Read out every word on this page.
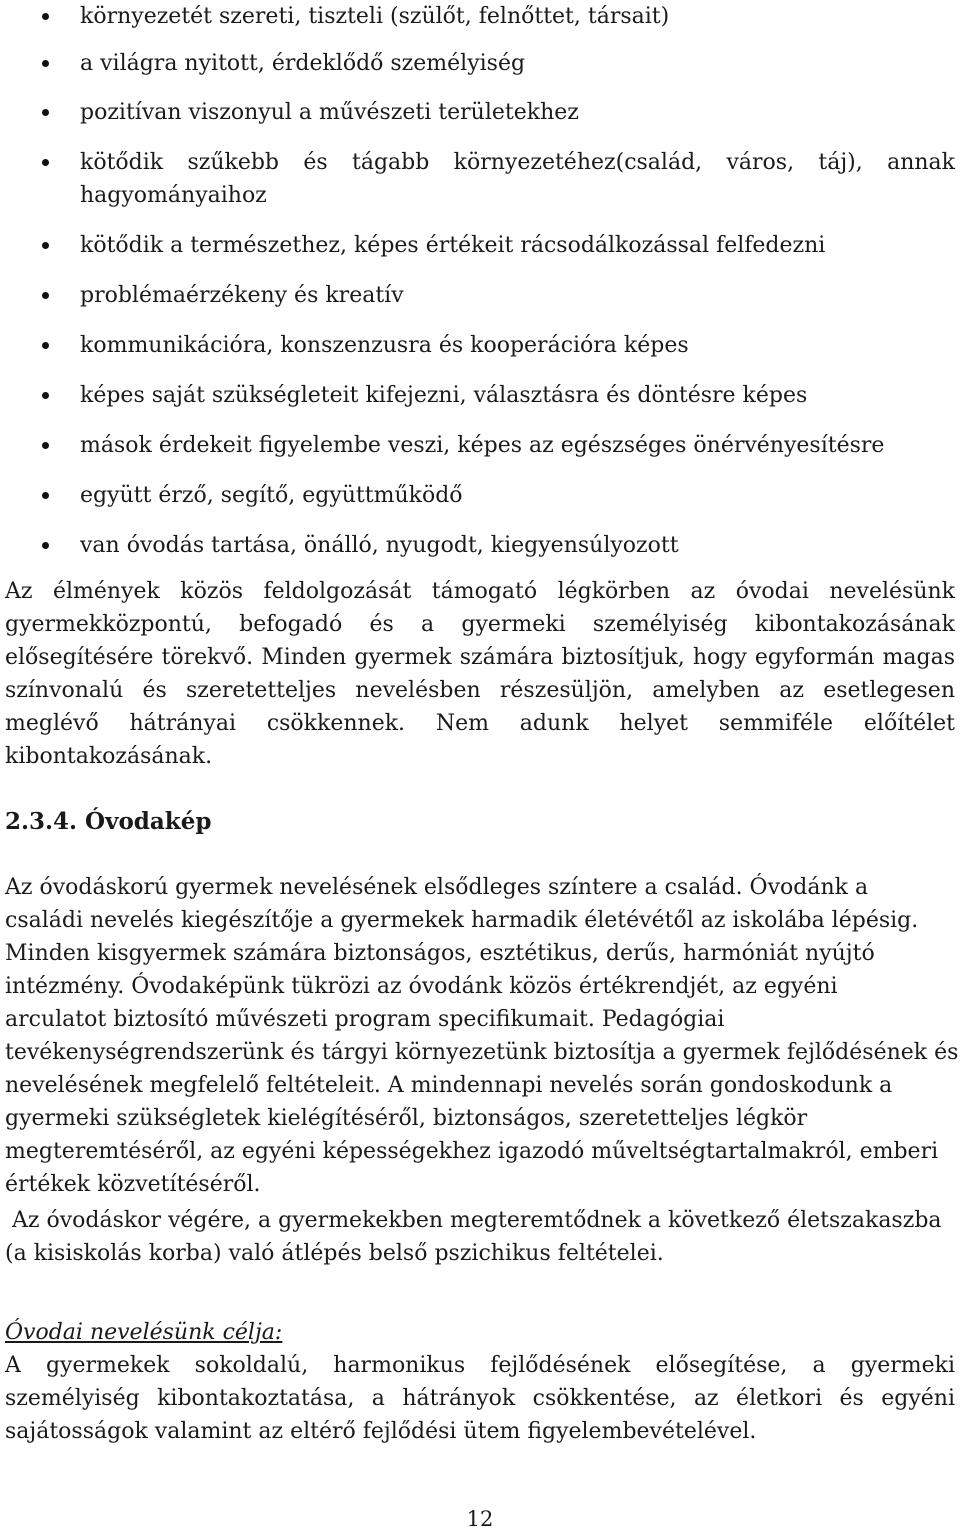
környezetét szereti, tiszteli (szülőt, felnőttet, társait)
a világra nyitott, érdeklődő személyiség
pozitívan viszonyul a művészeti területekhez
kötődik szűkebb és tágabb környezetéhez(család, város, táj), annak
hagyományaihoz
kötődik a természethez, képes értékeit rácsodálkozással felfedezni
problémaérzékeny és kreatív
kommunikációra, konszenzusra és kooperációra képes
képes saját szükségleteit kifejezni, választásra és döntésre képes
mások érdekeit figyelembe veszi, képes az egészséges önérvényesítésre
együtt érző, segítő, együttműködő
van óvodás tartása, önálló, nyugodt, kiegyensúlyozott
Az élmények közös feldolgozását támogató légkörben az óvodai nevelésünk
gyermekközpontú, befogadó és a gyermeki személyiség kibontakozásának
elősegítésére törekvő. Minden gyermek számára biztosítjuk, hogy egyformán magas
színvonalú és szeretetteljes nevelésben részesüljön, amelyben az esetlegesen
meglévő hátrányai csökkennek. Nem adunk helyet semmiféle előítélet
kibontakozásának.
2.3.4. Óvodakép
Az óvodáskorú gyermek nevelésének elsődleges színtere a család. Óvodánk a
családi nevelés kiegészítője a gyermekek harmadik életévétől az iskolába lépésig.
Minden kisgyermek számára biztonságos, esztétikus, derűs, harmóniát nyújtó
intézmény. Óvodaképünk tükrözi az óvodánk közös értékrendjét, az egyéni
arculatot biztosító művészeti program specifikumait. Pedagógiai
tevékenységrendszerünk és tárgyi környezetünk biztosítja a gyermek fejlődésének és
nevelésének megfelelő feltételeit. A mindennapi nevelés során gondoskodunk a
gyermeki szükségletek kielégítéséről, biztonságos, szeretetteljes légkör
megteremtéséről, az egyéni képességekhez igazodó műveltségtartalmakról, emberi
értékek közvetítéséről.
Az óvodáskor végére, a gyermekekben megteremtődnek a következő életszakaszba
(a kisiskolás korba) való átlépés belső pszichikus feltételei.

Óvodai nevelésünk célja:

A gyermekek sokoldalú, harmonikus fejlődésének elősegítése, a gyermeki
személyiség kibontakoztatása, a hátrányok csökkentése, az életkori és egyéni
sajátosságok valamint az eltérő fejlődési ütem figyelembevételével.
12
